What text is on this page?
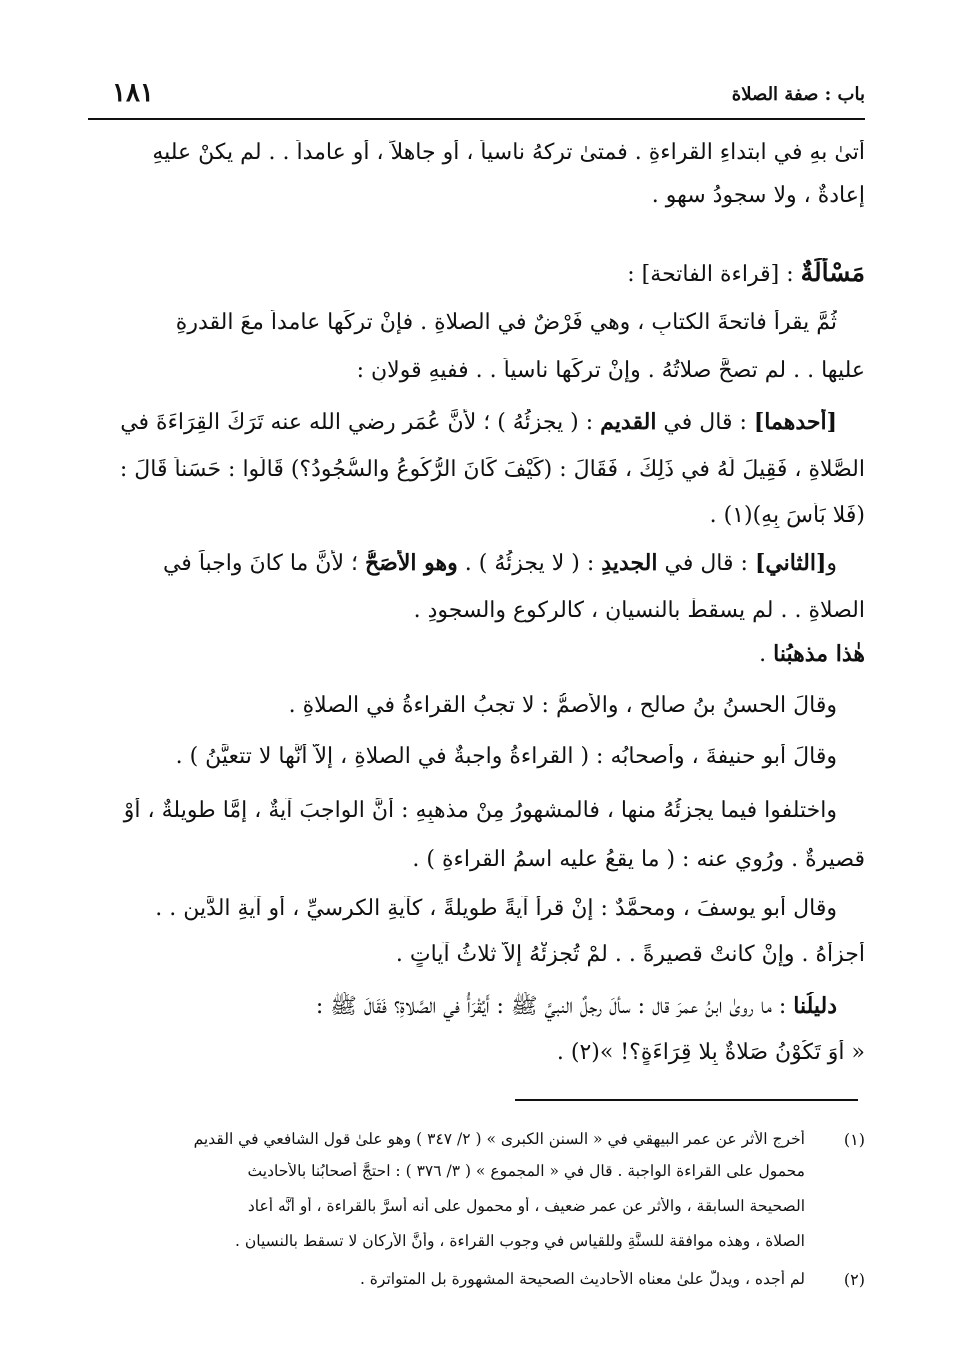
باب : صفة الصلاة
١٨١
أتىٰ بهِ في ابتداءِ القراءةِ . فمتىٰ تركهُ ناسياً ، أو جاهلاً ، أو عامداً . . لم يكنْ عليهِ
إعادةٌ ، ولا سجودُ سهوٍ .
مَسْأَلَةٌ : [قراءة الفاتحة] :
ثُمَّ يقرأُ فاتحةَ الكتابِ ، وهي فَرْضٌ في الصلاةِ . فإنْ تركَها عامداً معَ القدرةِ
عليها . . لم تصحَّ صلاتُهُ . وإنْ تركَها ناسياً . . ففيهِ قولانِ :
[أحدهما] : قال في القديم : ( يجزئُهُ ) ؛ لأنَّ عُمَر رضي الله عنه تَرَكَ القِرَاءَةَ في
الصَّلاةِ ، فَقِيلَ لَهُ في ذَلِكَ ، فَقَالَ : (كَيْفَ كَانَ الرُّكُوعُ والسُّجُودُ؟) قَالُوا : حَسَناً قَالَ :
(فَلا بَأْسَ بِهِ)(١) .
و[الثاني] : قال في الجديدِ : ( لا يجزئُهُ ) . وهو الأَصَحُّ ؛ لأنَّ ما كانَ واجباً في
الصلاةِ . . لم يسقطْ بالنسيانِ ، كالركوعِ والسجودِ .
هٰذا مذهبُنا .
وقالَ الحسنُ بنُ صالحٍ ، والأصمُّ : لا تجبُ القراءةُ في الصلاةِ .
وقالَ أبو حنيفةَ ، وأصحابُه : ( القراءةُ واجبةٌ في الصلاةِ ، إلاَّ أنَّها لا تتعيَّنُ ) .
واختلفوا فيما يجزئُهُ منها ، فالمشهورُ مِنْ مذهبِهِ : أنَّ الواجبَ آيةٌ ، إمَّا طويلةٌ ، أوْ
قصيرةٌ . ورُوي عنه : ( ما يقعُ عليه اسمُ القراءةِ ) .
وقال أبو يوسفَ ، ومحمَّدٌ : إنْ قرأَ آيةً طويلةً ، كآيةِ الكرسيِّ ، أو آيةِ الدَّينِ . .
أجزأَهُ . وإنْ كانتْ قصيرةً . . لمْ تُجزئْهُ إلاَّ ثلاثُ آياتٍ .
دليلُنا : ما روىٰ ابنُ عمرَ قال : سألَ رجلٌ النبيَّ ﷺ : أَيُقْرَأُ في الصَّلاةِ؟ فَقَالَ ﷺ :
« أَوَ تَكُوْنُ صَلاةٌ بِلا قِرَاءَةٍ؟! »(٢) .
(١)
أخرج الأثر عن عمر البيهقي في « السنن الكبرى » ( ٢/ ٣٤٧ ) وهو علىٰ قول الشافعي في القديم
محمول على القراءة الواجبة . قال في « المجموع » ( ٣/ ٣٧٦ ) : احتجَّ أصحابُنا بالأحاديث
الصحيحة السابقة ، والأثر عن عمر ضعيف ، أو محمول على أنه أسرَّ بالقراءة ، أو أنَّه أعاد
الصلاة ، وهذه موافقة للسنَّةِ وللقياسِ في وجوب القراءة ، وأنَّ الأركان لا تسقط بالنسيان .
(٢)
لم أجده ، ويدلُّ علىٰ معناه الأحاديث الصحيحة المشهورة بل المتواترة .
